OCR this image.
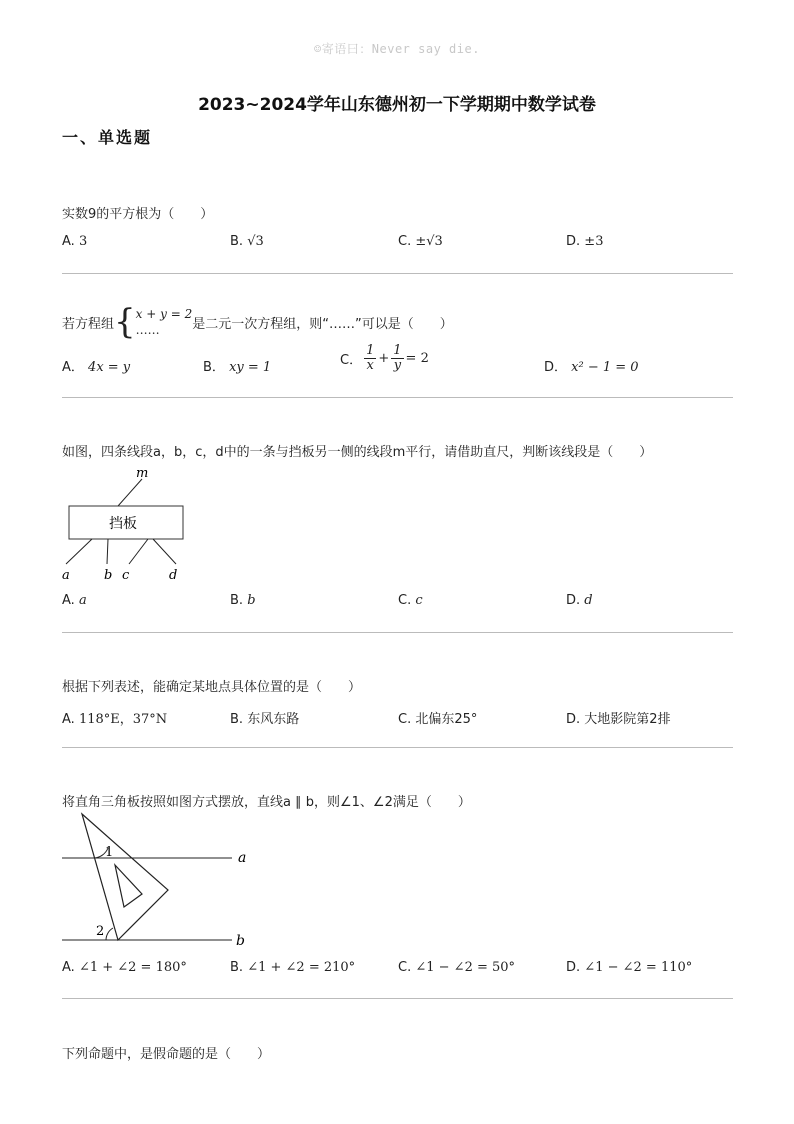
☺寄语曰：Never say die.
2023~2024学年山东德州初一下学期期中数学试卷
一、单选题
实数9的平方根为（　　）
A. 3	B. √3	C. ±√3	D. ±3
若方程组 { x + y = 2
……	是二元一次方程组，则“……”可以是（　　）
A． 4x = y	B． xy = 1	C． $\frac{1}{x} + \frac{1}{y} = 2$
D． x² − 1 = 0
如图，四条线段a，b，c，d中的一条与挡板另一侧的线段m平行，请借助直尺，判断该线段是（　　）
m
挡板
a	b c	d
A. a	B. b	C. c	D. d
根据下列表述，能确定某地点具体位置的是（　　）
A. 118°E，37°N	B. 东风东路	C. 北偏东25°	D. 大地影院第2排
将直角三角板按照如图方式摆放，直线a ∥ b，则∠1、∠2满足（　　）
a
b
1
2
A. ∠1 + ∠2 = 180°	B. ∠1 + ∠2 = 210°	C. ∠1 − ∠2 = 50°	D. ∠1 − ∠2 = 110°
下列命题中，是假命题的是（　　）
